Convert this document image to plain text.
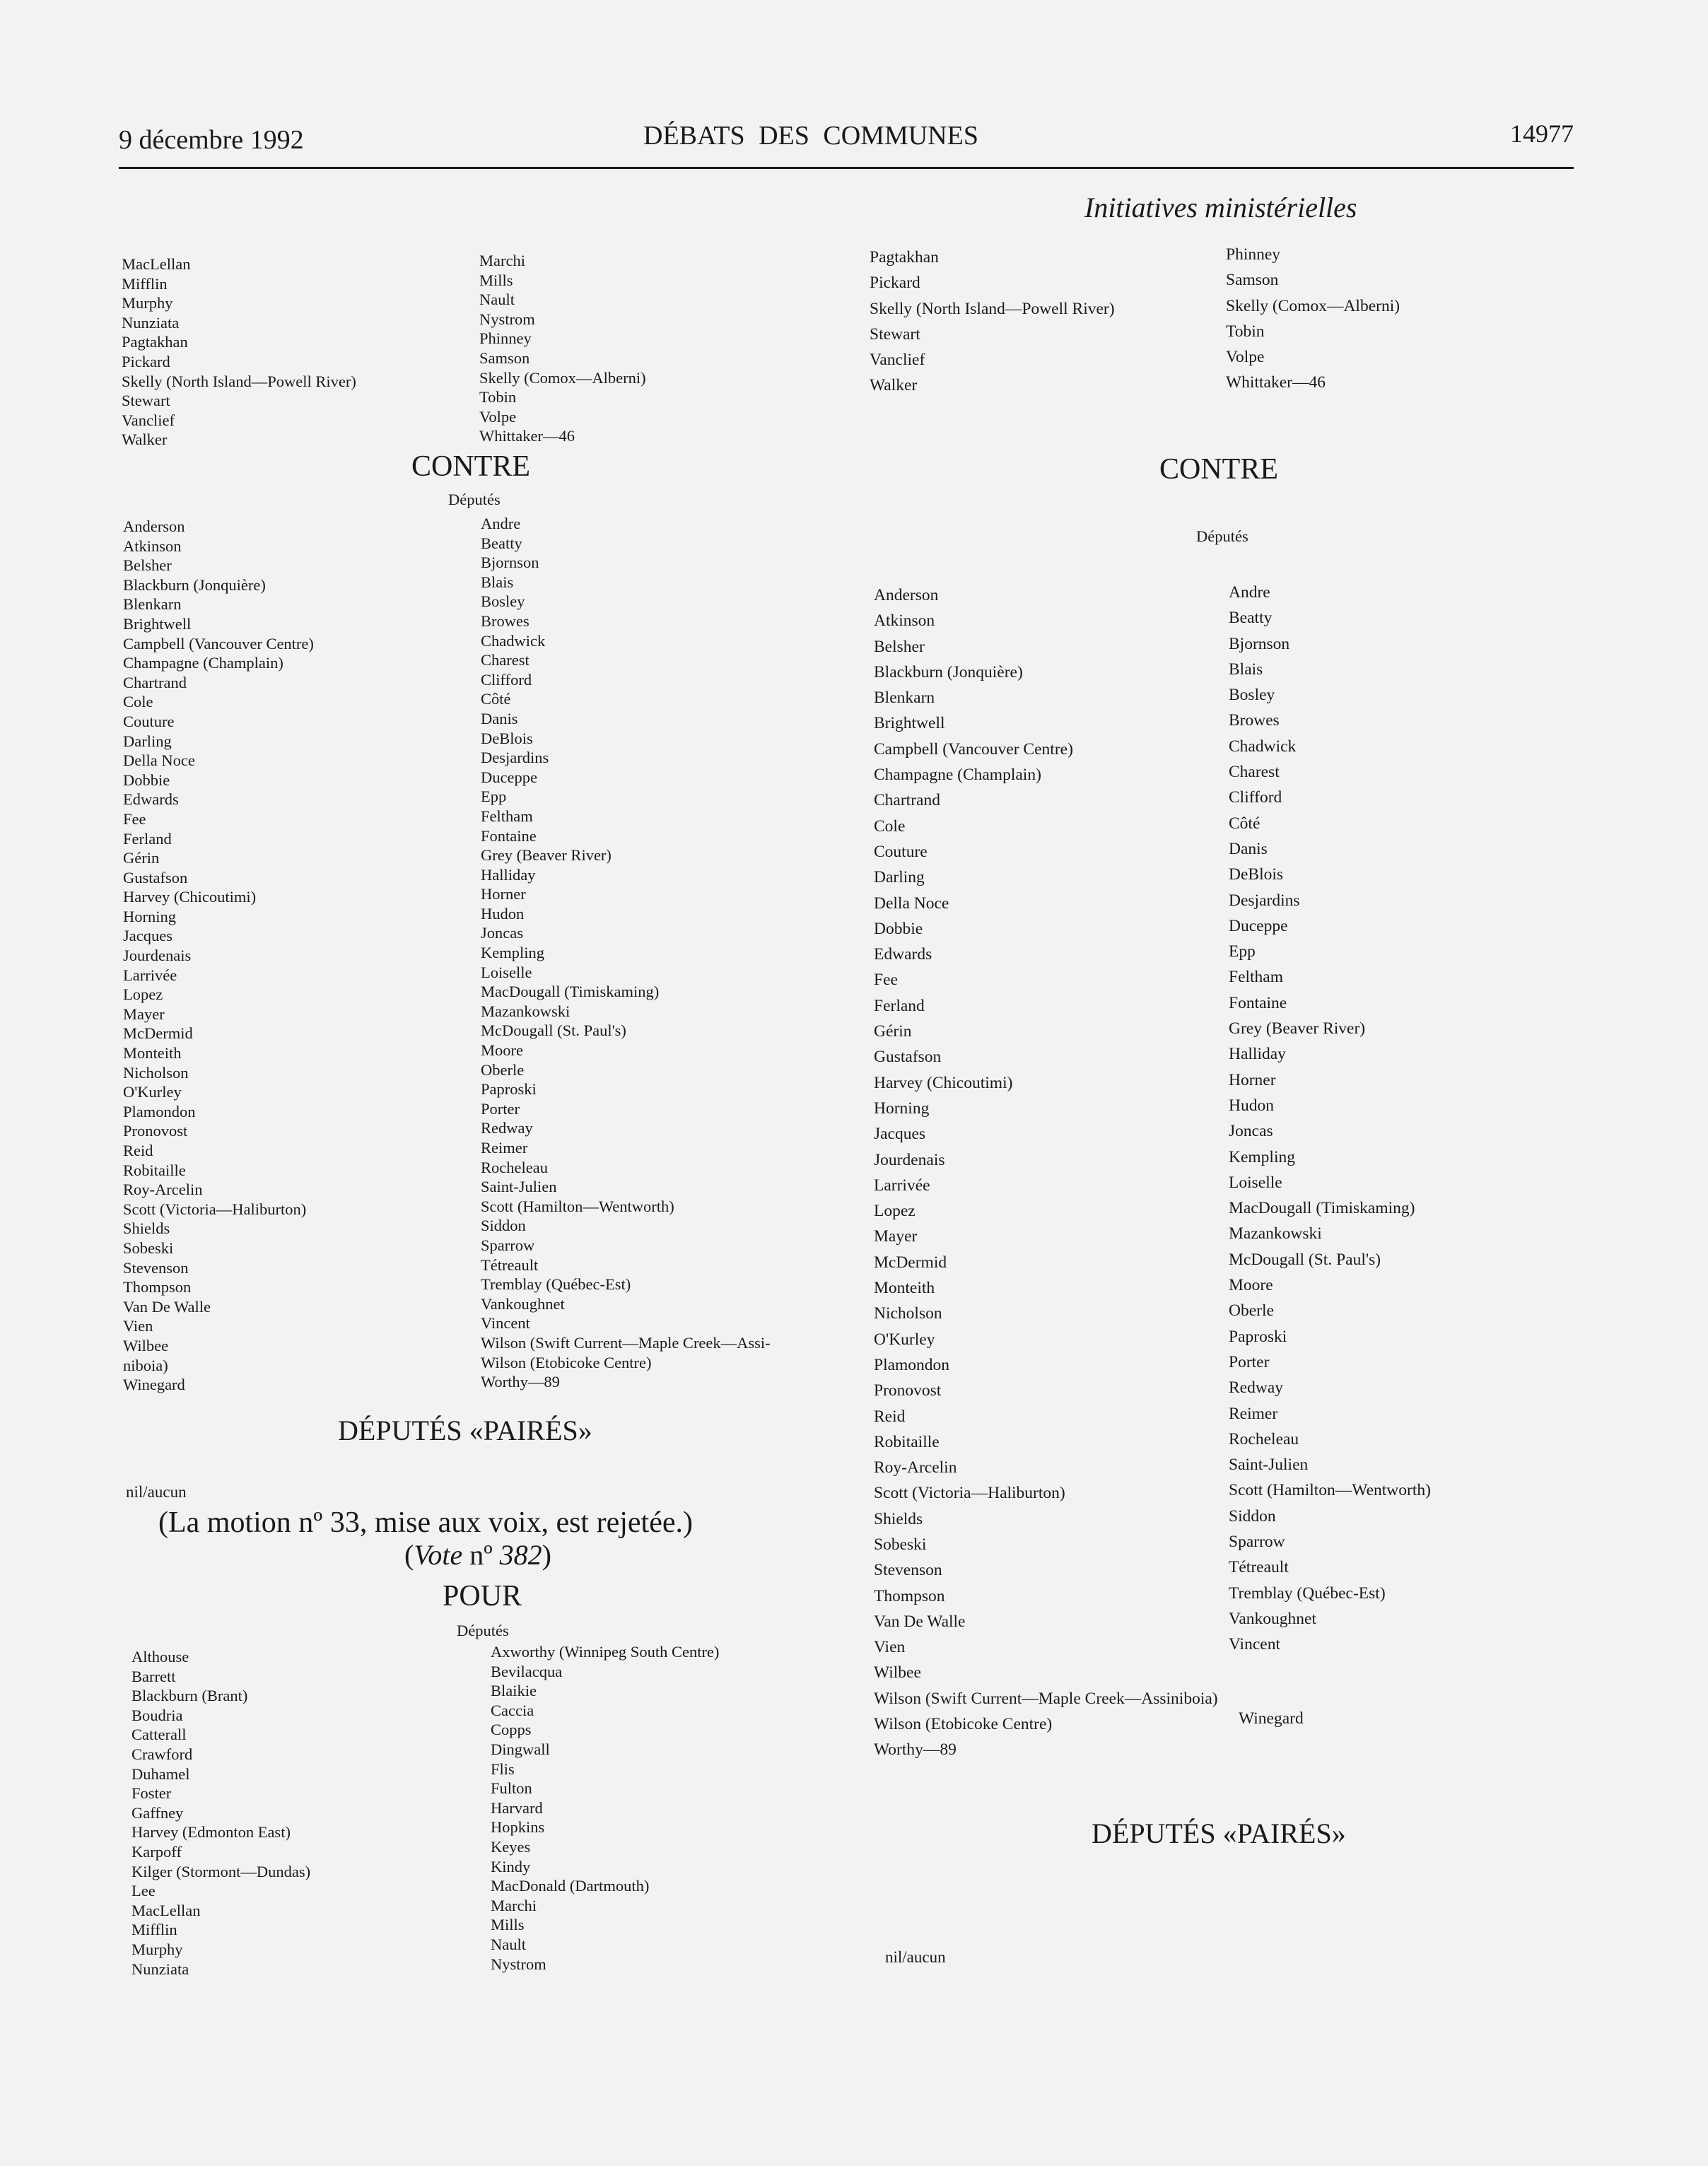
9 décembre 1992	DÉBATS DES COMMUNES	14977
Initiatives ministérielles
MacLellan
Mifflin
Murphy
Nunziata
Pagtakhan
Pickard
Skelly (North Island—Powell River)
Stewart
Vanclief
Walker
Marchi
Mills
Nault
Nystrom
Phinney
Samson
Skelly (Comox—Alberni)
Tobin
Volpe
Whittaker—46
CONTRE
Députés
Anderson
Atkinson
Belsher
Blackburn (Jonquière)
Blenkarn
Brightwell
Campbell (Vancouver Centre)
Champagne (Champlain)
Chartrand
Cole
Couture
Darling
Della Noce
Dobbie
Edwards
Fee
Ferland
Gérin
Gustafson
Harvey (Chicoutimi)
Horning
Jacques
Jourdenais
Larrivée
Lopez
Mayer
McDermid
Monteith
Nicholson
O'Kurley
Plamondon
Pronovost
Reid
Robitaille
Roy-Arcelin
Scott (Victoria—Haliburton)
Shields
Sobeski
Stevenson
Thompson
Van De Walle
Vien
Wilbee
niboia)
Winegard
Andre
Beatty
Bjornson
Blais
Bosley
Browes
Chadwick
Charest
Clifford
Côté
Danis
DeBlois
Desjardins
Duceppe
Epp
Feltham
Fontaine
Grey (Beaver River)
Halliday
Horner
Hudon
Joncas
Kempling
Loiselle
MacDougall (Timiskaming)
Mazankowski
McDougall (St. Paul's)
Moore
Oberle
Paproski
Porter
Redway
Reimer
Rocheleau
Saint-Julien
Scott (Hamilton—Wentworth)
Siddon
Sparrow
Tétreault
Tremblay (Québec-Est)
Vankoughnet
Vincent
Wilson (Swift Current—Maple Creek—Assi-
Wilson (Etobicoke Centre)
Worthy—89
DÉPUTÉS «PAIRÉS»
nil/aucun
(La motion nº 33, mise aux voix, est rejetée.)
(Vote nº 382)
POUR
Députés
Althouse
Barrett
Blackburn (Brant)
Boudria
Catterall
Crawford
Duhamel
Foster
Gaffney
Harvey (Edmonton East)
Karpoff
Kilger (Stormont—Dundas)
Lee
MacLellan
Mifflin
Murphy
Nunziata
Axworthy (Winnipeg South Centre)
Bevilacqua
Blaikie
Caccia
Copps
Dingwall
Flis
Fulton
Harvard
Hopkins
Keyes
Kindy
MacDonald (Dartmouth)
Marchi
Mills
Nault
Nystrom
Pagtakhan
Pickard
Skelly (North Island—Powell River)
Stewart
Vanclief
Walker
Phinney
Samson
Skelly (Comox—Alberni)
Tobin
Volpe
Whittaker—46
CONTRE
Députés
Anderson
Atkinson
Belsher
Blackburn (Jonquière)
Blenkarn
Brightwell
Campbell (Vancouver Centre)
Champagne (Champlain)
Chartrand
Cole
Couture
Darling
Della Noce
Dobbie
Edwards
Fee
Ferland
Gérin
Gustafson
Harvey (Chicoutimi)
Horning
Jacques
Jourdenais
Larrivée
Lopez
Mayer
McDermid
Monteith
Nicholson
O'Kurley
Plamondon
Pronovost
Reid
Robitaille
Roy-Arcelin
Scott (Victoria—Haliburton)
Shields
Sobeski
Stevenson
Thompson
Van De Walle
Vien
Wilbee
Wilson (Swift Current—Maple Creek—Assiniboia)
Wilson (Etobicoke Centre)
Worthy—89
Andre
Beatty
Bjornson
Blais
Bosley
Browes
Chadwick
Charest
Clifford
Côté
Danis
DeBlois
Desjardins
Duceppe
Epp
Feltham
Fontaine
Grey (Beaver River)
Halliday
Horner
Hudon
Joncas
Kempling
Loiselle
MacDougall (Timiskaming)
Mazankowski
McDougall (St. Paul's)
Moore
Oberle
Paproski
Porter
Redway
Reimer
Rocheleau
Saint-Julien
Scott (Hamilton—Wentworth)
Siddon
Sparrow
Tétreault
Tremblay (Québec-Est)
Vankoughnet
Vincent
Winegard
DÉPUTÉS «PAIRÉS»
nil/aucun
